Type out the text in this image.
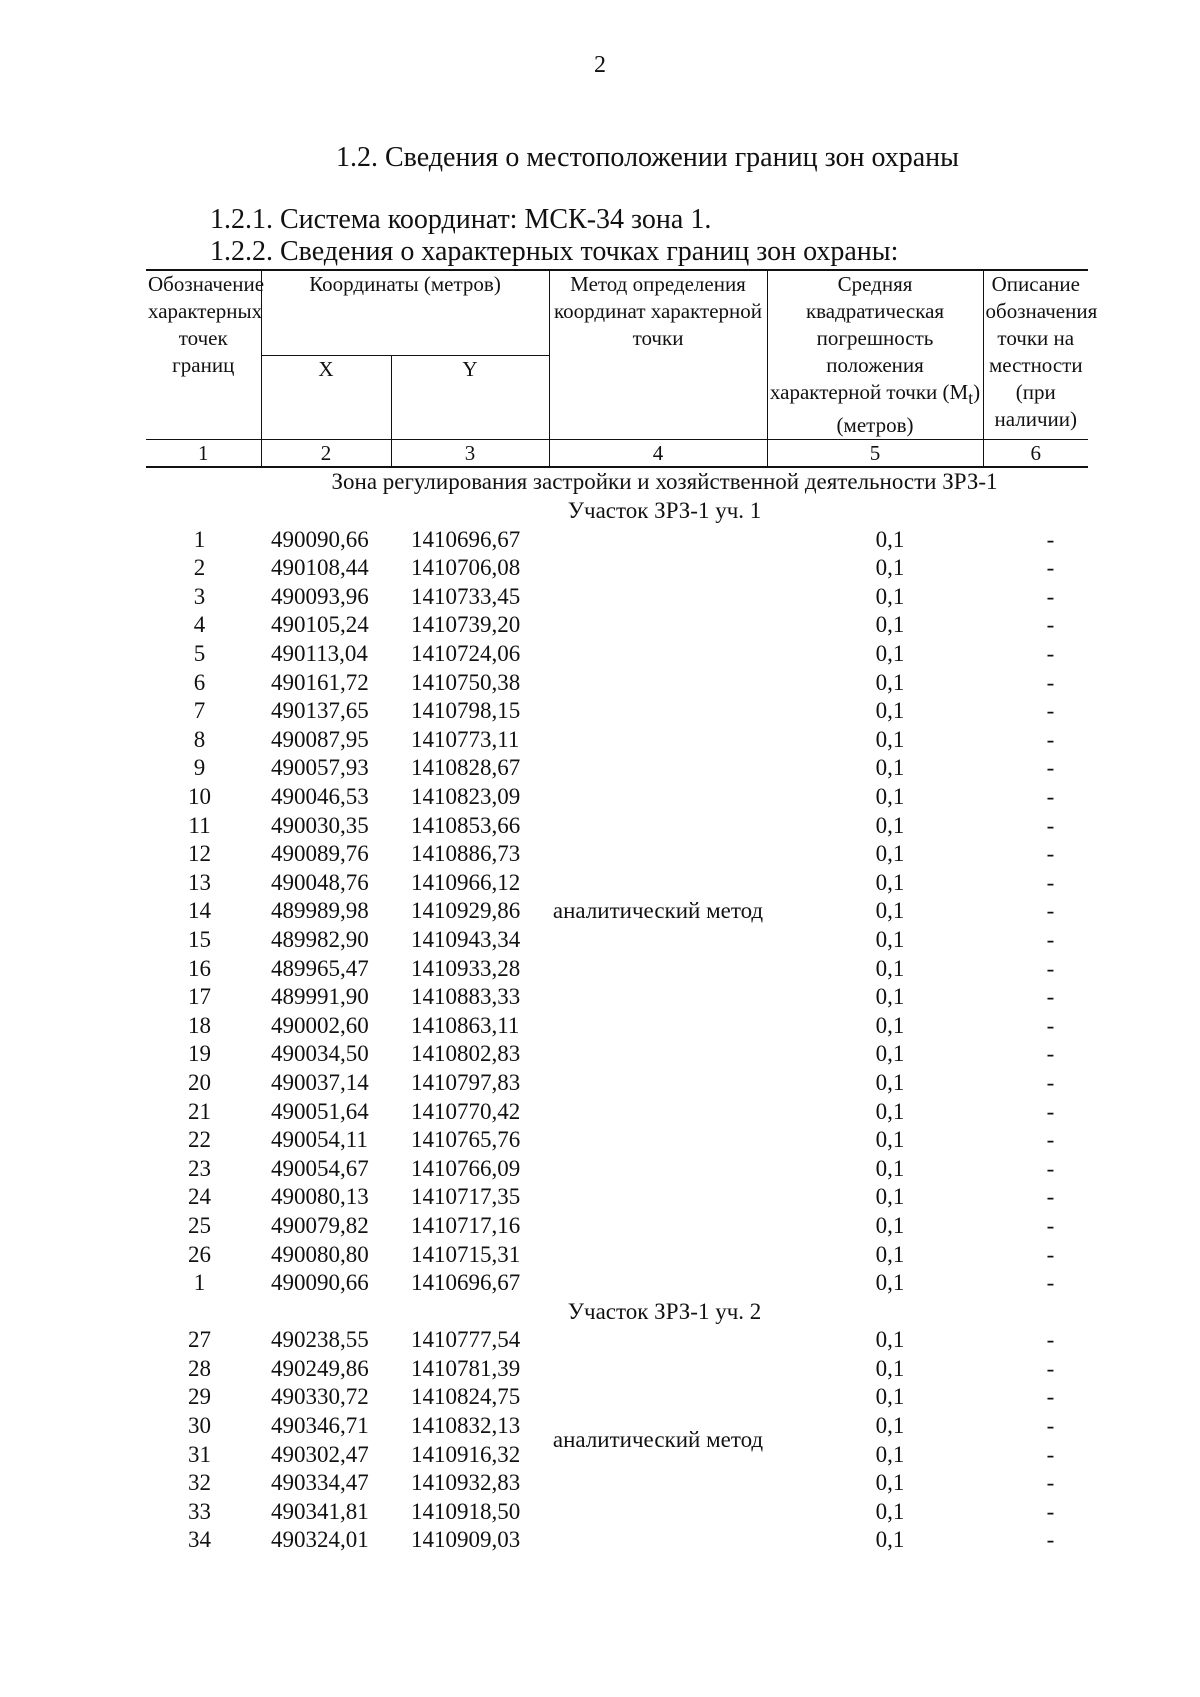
2
1.2. Сведения о местоположении границ зон охраны
1.2.1. Система координат: МСК-34 зона 1.
1.2.2. Сведения о характерных точках границ зон охраны:
Обозначение характерных точек границ	Координаты (метров)		Метод определения координат характерной точки	Средняя квадратическая погрешность положения характерной точки $(M_t)$ (метров)	Описание обозначения точки на местности (при наличии)
	X	Y			
1	2	3	4	5	6
Зона регулирования застройки и хозяйственной деятельности ЗРЗ-1					
Участок ЗРЗ-1 уч. 1					
1	490090,66	1410696,67	аналитический метод	0,1	-
2	490108,44	1410706,08		0,1	-
3	490093,96	1410733,45		0,1	-
4	490105,24	1410739,20		0,1	-
5	490113,04	1410724,06		0,1	-
6	490161,72	1410750,38		0,1	-
7	490137,65	1410798,15		0,1	-
8	490087,95	1410773,11		0,1	-
9	490057,93	1410828,67		0,1	-
10	490046,53	1410823,09		0,1	-
11	490030,35	1410853,66		0,1	-
12	490089,76	1410886,73		0,1	-
13	490048,76	1410966,12		0,1	-
14	489989,98	1410929,86		0,1	-
15	489982,90	1410943,34		0,1	-
16	489965,47	1410933,28		0,1	-
17	489991,90	1410883,33		0,1	-
18	490002,60	1410863,11		0,1	-
19	490034,50	1410802,83		0,1	-
20	490037,14	1410797,83		0,1	-
21	490051,64	1410770,42		0,1	-
22	490054,11	1410765,76		0,1	-
23	490054,67	1410766,09		0,1	-
24	490080,13	1410717,35		0,1	-
25	490079,82	1410717,16		0,1	-
26	490080,80	1410715,31		0,1	-
1	490090,66	1410696,67		0,1	-
Участок ЗРЗ-1 уч. 2					
27	490238,55	1410777,54	аналитический метод	0,1	-
28	490249,86	1410781,39		0,1	-
29	490330,72	1410824,75		0,1	-
30	490346,71	1410832,13		0,1	-
31	490302,47	1410916,32		0,1	-
32	490334,47	1410932,83		0,1	-
33	490341,81	1410918,50		0,1	-
34	490324,01	1410909,03		0,1	-
